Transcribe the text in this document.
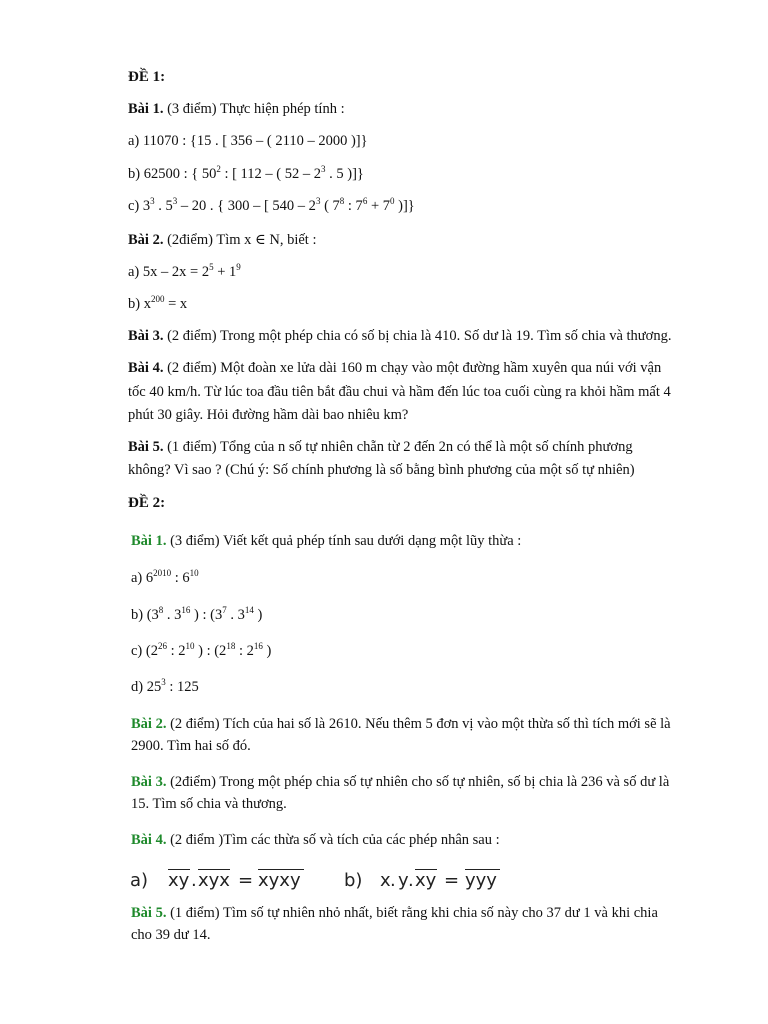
ĐỀ 1:
Bài 1. (3 điểm) Thực hiện phép tính :
a) 11070 : {15 . [ 356 – ( 2110 – 2000 )]}
b) 62500 : { $50^2$ : [ 112 – ( $52 - 2^3$ . 5 )]}
c) $3^3$ . $5^3 - 20$ . { 300 – [ $540 - 2^3$ ( $7^8$ : $7^6 + 7^0$ )]}
Bài 2. (2điểm) Tìm x ∈ N, biết :
a) $5x - 2x = 2^5 + 1^9$
b) $x^{200} = x$
Bài 3. (2 điểm) Trong một phép chia có số bị chia là 410. Số dư là 19. Tìm số chia và thương.
Bài 4. (2 điểm) Một đoàn xe lửa dài 160 m chạy vào một đường hầm xuyên qua núi với vận
tốc 40 km/h. Từ lúc toa đầu tiên bắt đầu chui và hầm đến lúc toa cuối cùng ra khỏi hầm mất 4
phút 30 giây. Hỏi đường hầm dài bao nhiêu km?
Bài 5. (1 điểm) Tổng của n số tự nhiên chẵn từ 2 đến 2n có thể là một số chính phương
không? Vì sao ? (Chú ý: Số chính phương là số bằng bình phương của một số tự nhiên)
ĐỀ 2:
Bài 1. (3 điểm) Viết kết quả phép tính sau dưới dạng một lũy thừa :
a) $6^{2010}$ : $6^{10}$
b) ($3^8$ . $3^{16}$ ) : ($3^7$ . $3^{14}$ )
c) ($2^{26}$ : $2^{10}$ ) : ($2^{18}$ : $2^{16}$ )
d) $25^3$ : 125
Bài 2. (2 điểm) Tích của hai số là 2610. Nếu thêm 5 đơn vị vào một thừa số thì tích mới sẽ là
2900. Tìm hai số đó.
Bài 3. (2điểm) Trong một phép chia số tự nhiên cho số tự nhiên, số bị chia là 236 và số dư là
15. Tìm số chia và thương.
Bài 4. (2 điểm )Tìm các thừa số và tích của các phép nhân sau :
a) xy . xyx = xyxy b) x . y . xy = yyy
Bài 5. (1 điểm) Tìm số tự nhiên nhỏ nhất, biết rằng khi chia số này cho 37 dư 1 và khi chia
cho 39 dư 14.
